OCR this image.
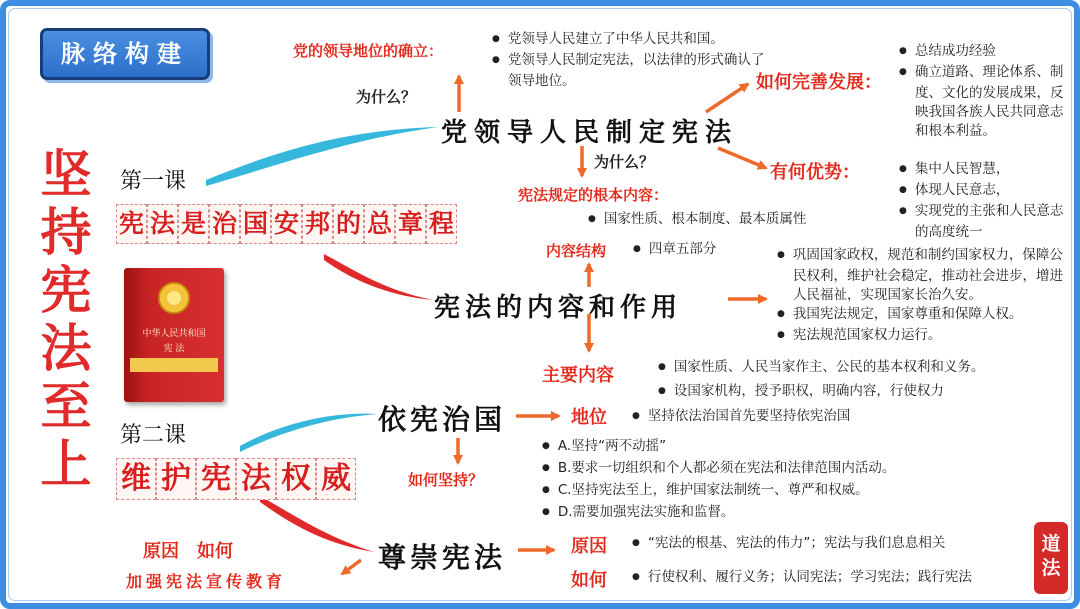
脉络构建
坚持宪法至上
第一课
宪 法 是 治 国 安 邦 的 总 章 程
中华人民共和国
宪 法
第二课
维 护 宪 法 权 威
党的领导地位的确立：
● 党领导人民建立了中华人民共和国。
● 党领导人民制定宪法，以法律的形式确认了领导地位。
为什么？
党领导人民制定宪法
如何完善发展：
● 总结成功经验
● 确立道路、理论体系、制度、文化的发展成果，反映我国各族人民共同意志和根本利益。
有何优势：	● 集中人民智慧，
● 体现人民意志，
● 实现党的主张和人民意志的高度统一
为什么？
宪法规定的根本内容：
● 国家性质、根本制度、最本质属性
内容结构	● 四章五部分
宪法的内容和作用
● 巩固国家政权，规范和制约国家权力，保障公民权利，维护社会稳定，推动社会进步，增进人民福祉，实现国家长治久安。
● 我国宪法规定，国家尊重和保障人权。
● 宪法规范国家权力运行。
主要内容	● 国家性质、人民当家作主、公民的基本权利和义务。
● 设国家机构，授予职权，明确内容，行使权力
依宪治国	地位	● 坚持依法治国首先要坚持依宪治国
如何坚持？
● A.坚持“两不动摇”
● B.要求一切组织和个人都必须在宪法和法律范围内活动。
● C.坚持宪法至上，维护国家法制统一、尊严和权威。
● D.需要加强宪法实施和监督。
原因　如何
加强宪法宣传教育
尊崇宪法	原因	● “宪法的根基、宪法的伟力”；宪法与我们息息相关
如何	● 行使权利、履行义务；认同宪法；学习宪法；践行宪法
道
法
